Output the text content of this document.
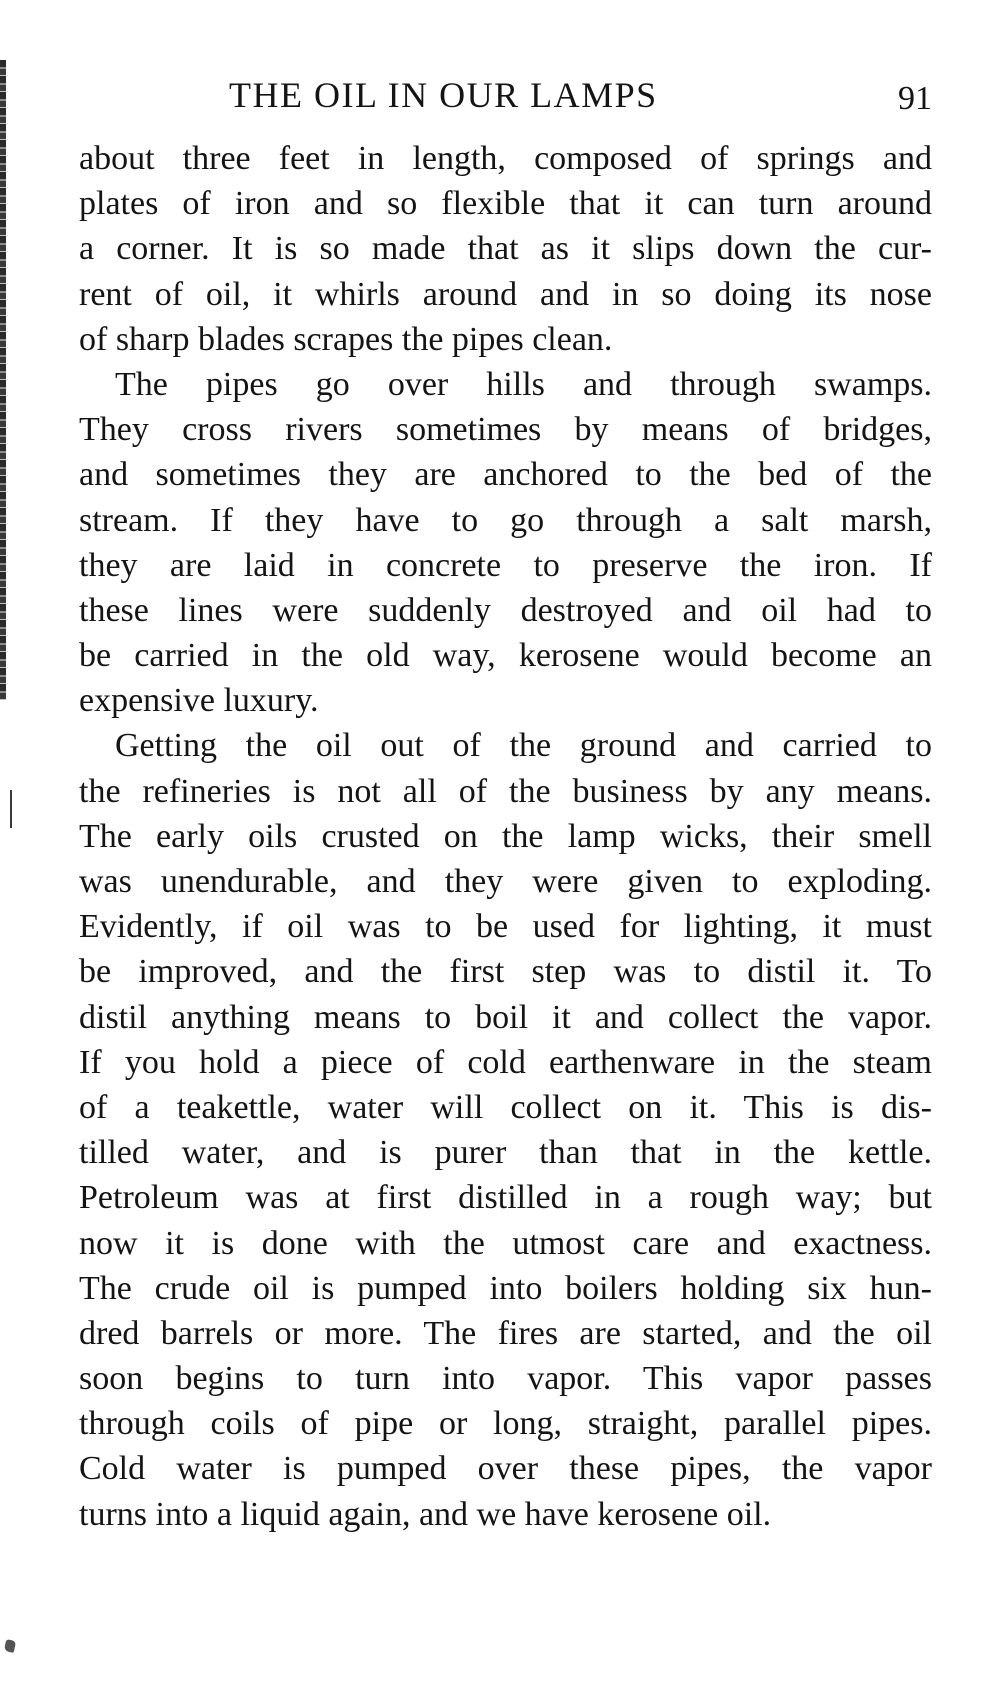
THE OIL IN OUR LAMPS	91
about three feet in length, composed of springs and
plates of iron and so flexible that it can turn around
a corner. It is so made that as it slips down the cur-
rent of oil, it whirls around and in so doing its nose
of sharp blades scrapes the pipes clean.
The pipes go over hills and through swamps.
They cross rivers sometimes by means of bridges,
and sometimes they are anchored to the bed of the
stream. If they have to go through a salt marsh,
they are laid in concrete to preserve the iron. If
these lines were suddenly destroyed and oil had to
be carried in the old way, kerosene would become an
expensive luxury.
Getting the oil out of the ground and carried to
the refineries is not all of the business by any means.
The early oils crusted on the lamp wicks, their smell
was unendurable, and they were given to exploding.
Evidently, if oil was to be used for lighting, it must
be improved, and the first step was to distil it. To
distil anything means to boil it and collect the vapor.
If you hold a piece of cold earthenware in the steam
of a teakettle, water will collect on it. This is dis-
tilled water, and is purer than that in the kettle.
Petroleum was at first distilled in a rough way; but
now it is done with the utmost care and exactness.
The crude oil is pumped into boilers holding six hun-
dred barrels or more. The fires are started, and the oil
soon begins to turn into vapor. This vapor passes
through coils of pipe or long, straight, parallel pipes.
Cold water is pumped over these pipes, the vapor
turns into a liquid again, and we have kerosene oil.
